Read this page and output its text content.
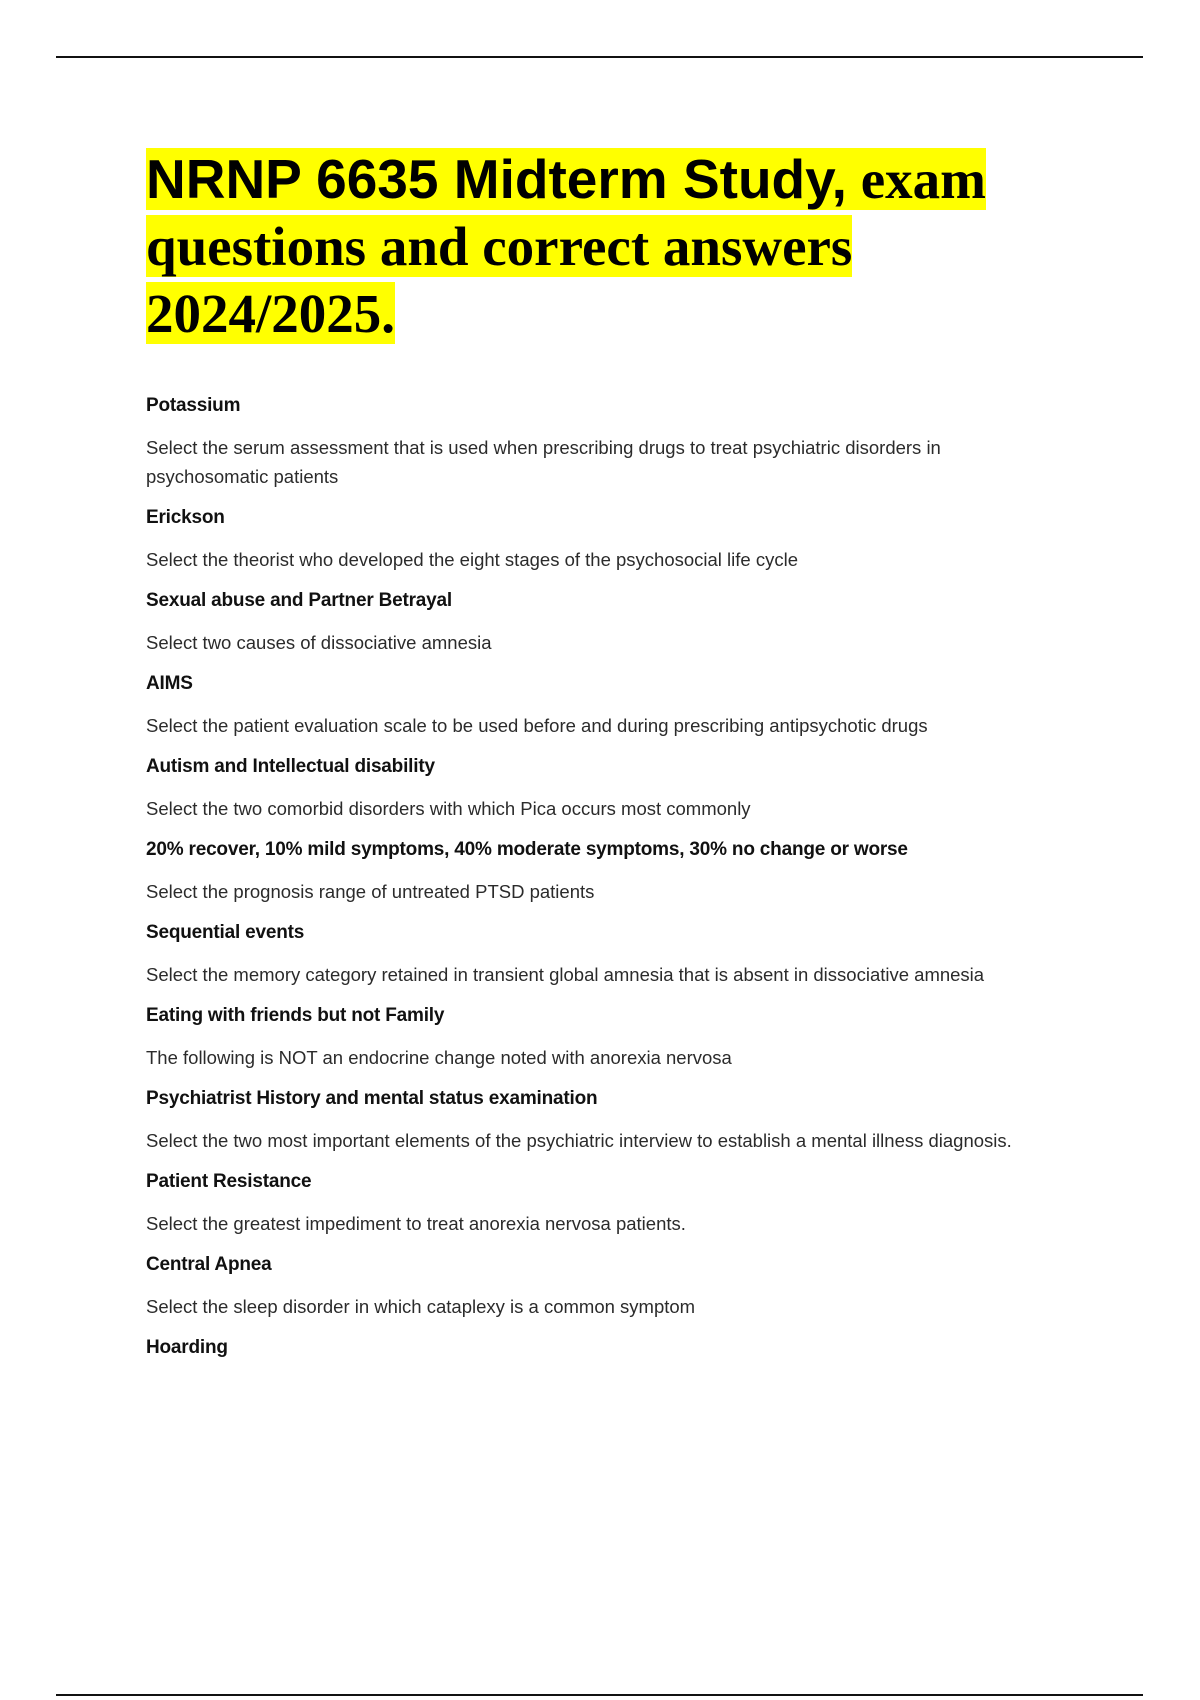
NRNP 6635 Midterm Study, exam questions and correct answers 2024/2025.
Potassium
Select the serum assessment that is used when prescribing drugs to treat psychiatric disorders in psychosomatic patients
Erickson
Select the theorist who developed the eight stages of the psychosocial life cycle
Sexual abuse and Partner Betrayal
Select two causes of dissociative amnesia
AIMS
Select the patient evaluation scale to be used before and during prescribing antipsychotic drugs
Autism and Intellectual disability
Select the two comorbid disorders with which Pica occurs most commonly
20% recover, 10% mild symptoms, 40% moderate symptoms, 30% no change or worse
Select the prognosis range of untreated PTSD patients
Sequential events
Select the memory category retained in transient global amnesia that is absent in dissociative amnesia
Eating with friends but not Family
The following is NOT an endocrine change noted with anorexia nervosa
Psychiatrist History and mental status examination
Select the two most important elements of the psychiatric interview to establish a mental illness diagnosis.
Patient Resistance
Select the greatest impediment to treat anorexia nervosa patients.
Central Apnea
Select the sleep disorder in which cataplexy is a common symptom
Hoarding
